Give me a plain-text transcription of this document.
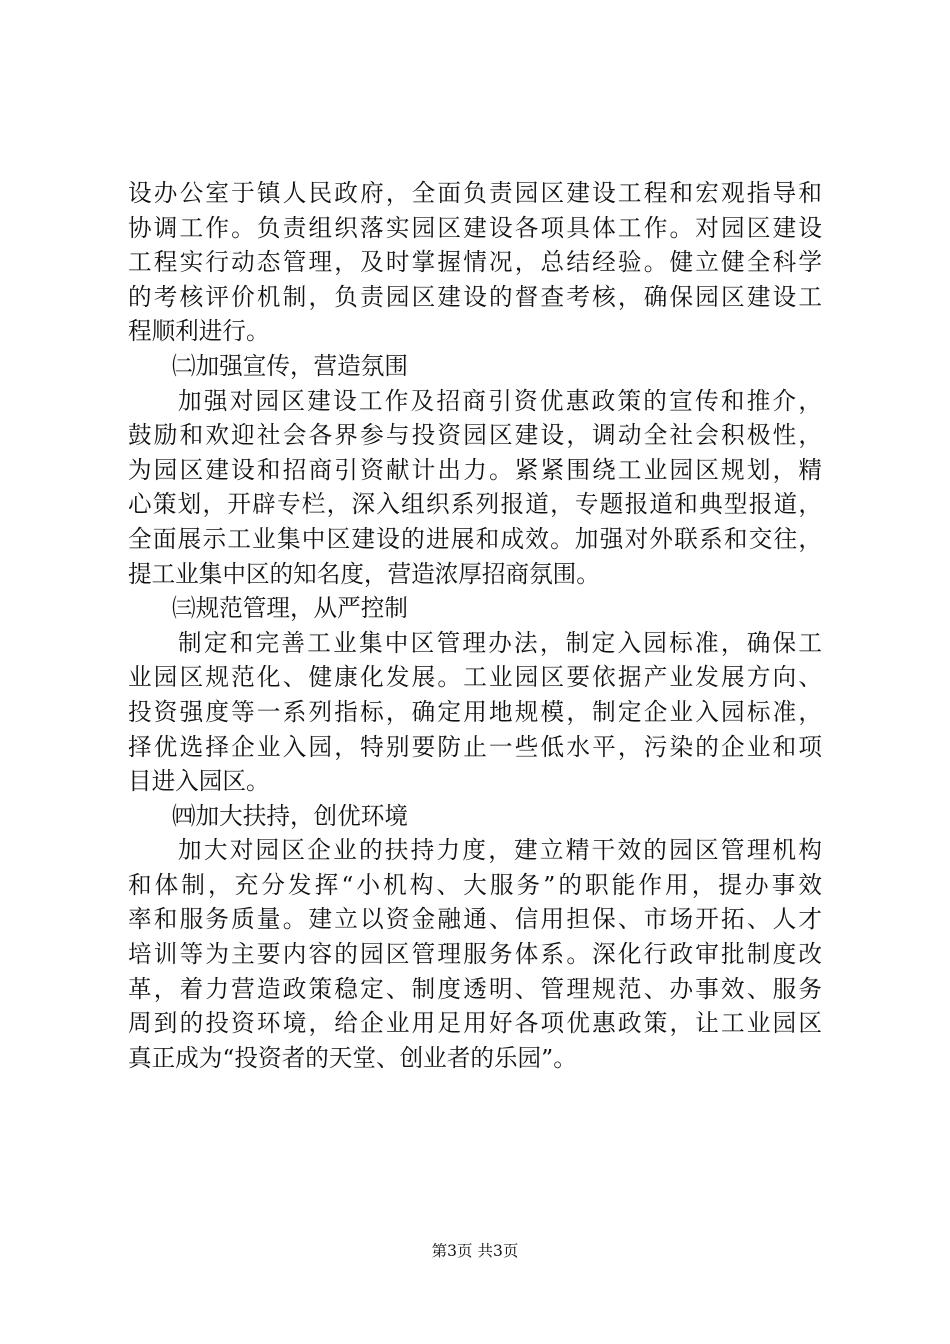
设办公室于镇人民政府，全面负责园区建设工程和宏观指导和
协调工作。负责组织落实园区建设各项具体工作。对园区建设
工程实行动态管理，及时掌握情况，总结经验。健立健全科学
的考核评价机制，负责园区建设的督查考核，确保园区建设工
程顺利进行。
㈡加强宣传，营造氛围
加强对园区建设工作及招商引资优惠政策的宣传和推介，
鼓励和欢迎社会各界参与投资园区建设，调动全社会积极性，
为园区建设和招商引资献计出力。紧紧围绕工业园区规划，精
心策划，开辟专栏，深入组织系列报道，专题报道和典型报道，
全面展示工业集中区建设的进展和成效。加强对外联系和交往，
提工业集中区的知名度，营造浓厚招商氛围。
㈢规范管理，从严控制
制定和完善工业集中区管理办法，制定入园标准，确保工
业园区规范化、健康化发展。工业园区要依据产业发展方向、
投资强度等一系列指标，确定用地规模，制定企业入园标准，
择优选择企业入园，特别要防止一些低水平，污染的企业和项
目进入园区。
㈣加大扶持，创优环境
加大对园区企业的扶持力度，建立精干效的园区管理机构
和体制，充分发挥“小机构、大服务”的职能作用，提办事效
率和服务质量。建立以资金融通、信用担保、市场开拓、人才
培训等为主要内容的园区管理服务体系。深化行政审批制度改
革，着力营造政策稳定、制度透明、管理规范、办事效、服务
周到的投资环境，给企业用足用好各项优惠政策，让工业园区
真正成为“投资者的天堂、创业者的乐园”。
第3页 共3页
